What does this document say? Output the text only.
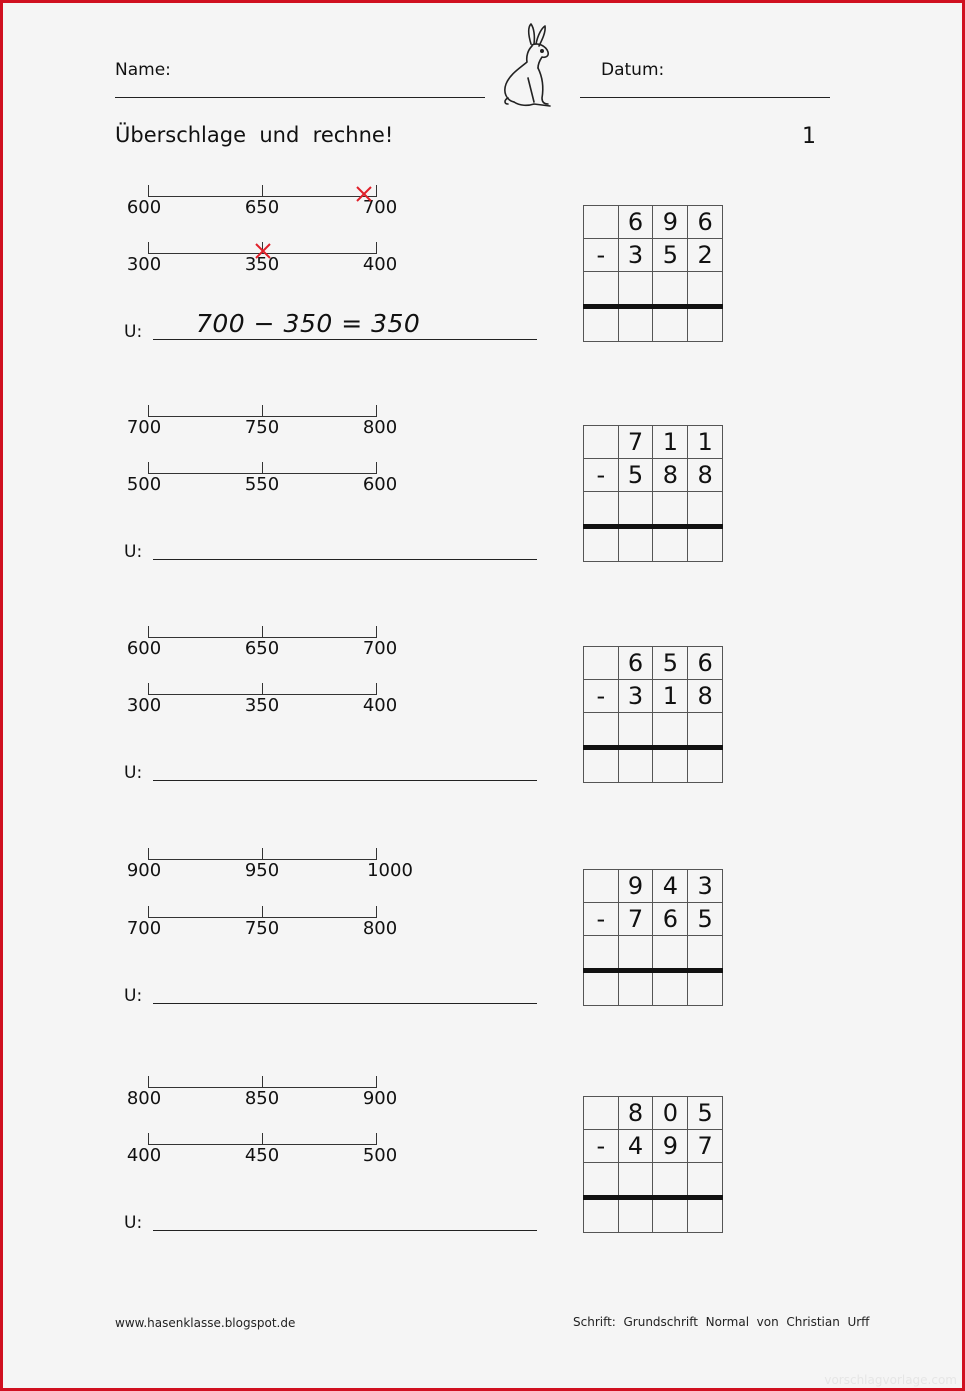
Name:	Datum:
Überschlage  und  rechne!	1
600	650	700
300	350	400
U: 700 − 350 = 350
	6	9	6
-	3	5	2

700	750	800
500	550	600
U:
	7	1	1
-	5	8	8

600	650	700
300	350	400
U:
	6	5	6
-	3	1	8

900	950	1000
700	750	800
U:
	9	4	3
-	7	6	5

800	850	900
400	450	500
U:
	8	0	5
-	4	9	7

www.hasenklasse.blogspot.de	Schrift:  Grundschrift  Normal  von  Christian  Urff
vorschlagvorlage.com
